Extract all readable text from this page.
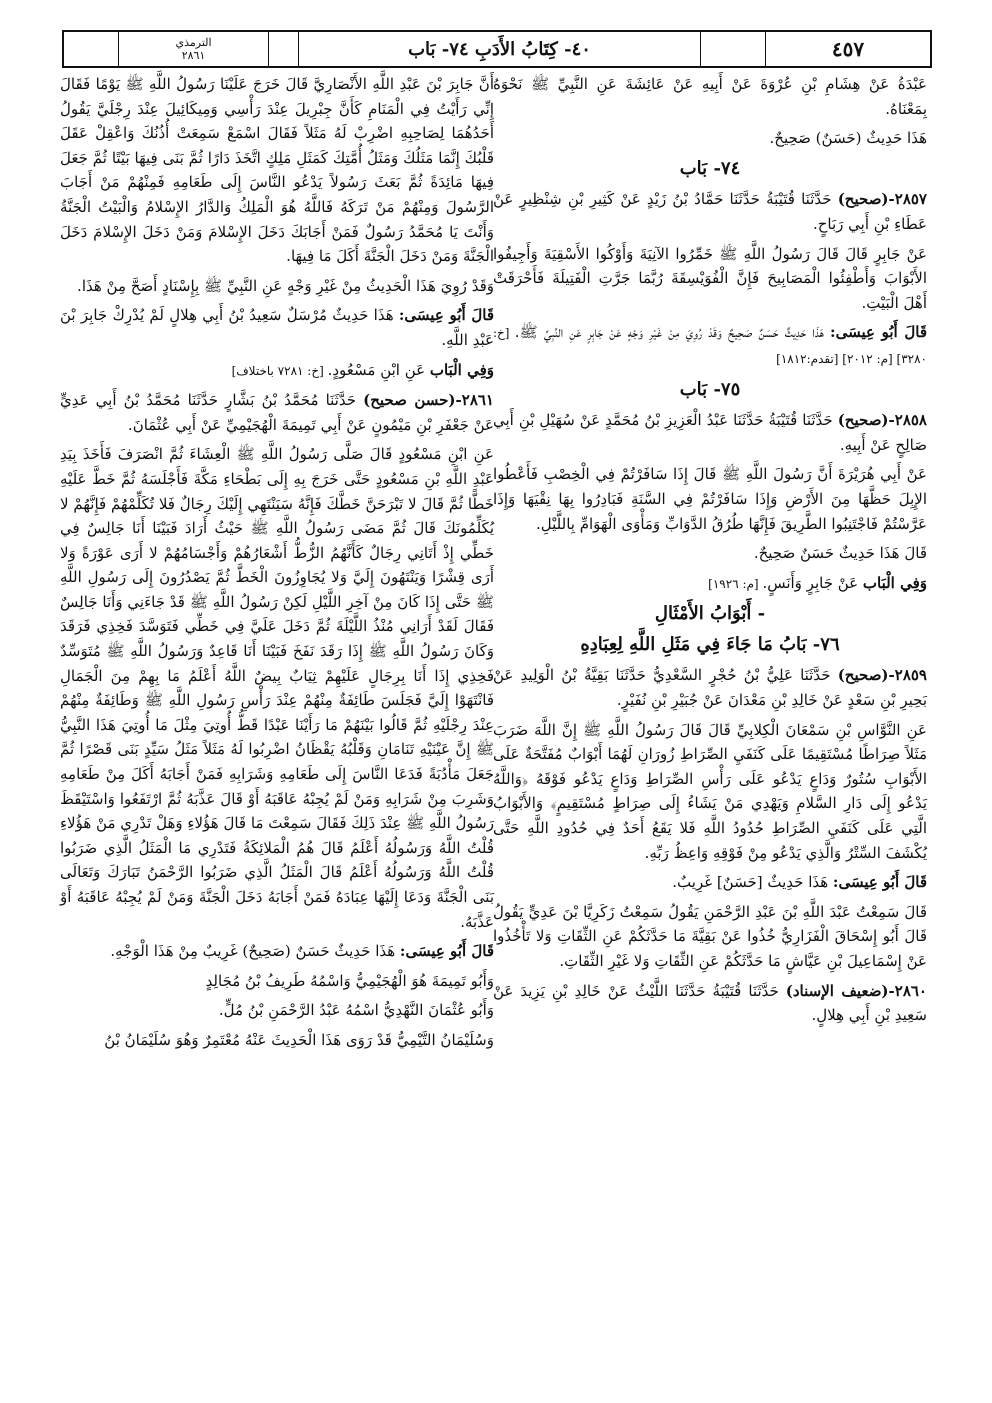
٤٥٧
٤٠- كِتَابُ الأَدَبِ ٧٤- بَاب
الترمذي
٢٨٦١

عَبْدَةُ عَنْ هِشَامِ بْنِ عُرْوَةَ عَنْ أَبِيهِ عَنْ عَائِشَةَ عَنِ النَّبِيِّ ﷺ نَحْوَهُ بِمَعْنَاهُ.

هَذَا حَدِيثٌ (حَسَنٌ) صَحِيحٌ.

٧٤- بَاب

٢٨٥٧-(صحيح) حَدَّثَنَا قُتَيْبَةُ حَدَّثَنَا حَمَّادُ بْنُ زَيْدٍ عَنْ كَثِيرِ بْنِ شِنْظِيرٍ عَنْ عَطَاءِ بْنِ أَبِي رَبَاحٍ.

عَنْ جَابِرٍ قَالَ قَالَ رَسُولُ اللَّهِ ﷺ خَمِّرُوا الآنِيَةَ وَأَوْكُوا الأَسْقِيَةَ وَأَجِيفُوا الأَبْوَابَ وَأَطْفِئُوا الْمَصَابِيحَ فَإِنَّ الْفُوَيْسِقَةَ رُبَّمَا جَرَّتِ الْفَتِيلَةَ فَأَحْرَقَتْ أَهْلَ الْبَيْتِ.

قَالَ أَبُو عِيسَى: هَذَا حَدِيثٌ حَسَنٌ صَحِيحٌ وَقَدْ رُوِيَ مِنْ غَيْرِ وَجْهٍ عَنْ جَابِرٍ عَنِ النَّبِيِّ ﷺ. [خ: ٣٢٨٠] [م: ٢٠١٢] [تقدم:١٨١٢]

٧٥- بَاب

٢٨٥٨-(صحيح) حَدَّثَنَا قُتَيْبَةُ حَدَّثَنَا عَبْدُ الْعَزِيزِ بْنُ مُحَمَّدٍ عَنْ سُهَيْلِ بْنِ أَبِي صَالِحٍ عَنْ أَبِيهِ.

عَنْ أَبِي هُرَيْرَةَ أَنَّ رَسُولَ اللَّهِ ﷺ قَالَ إِذَا سَافَرْتُمْ فِي الْخِصْبِ فَأَعْطُوا الإِبِلَ حَظَّهَا مِنَ الأَرْضِ وَإِذَا سَافَرْتُمْ فِي السَّنَةِ فَبَادِرُوا بِهَا نِقْيَهَا وَإِذَا عَرَّسْتُمْ فَاجْتَنِبُوا الطَّرِيقَ فَإِنَّهَا طُرُقُ الدَّوَابِّ وَمَأْوَى الْهَوَامِّ بِاللَّيْلِ.

قَالَ هَذَا حَدِيثٌ حَسَنٌ صَحِيحٌ.

وَفِي الْبَاب عَنْ جَابِرٍ وَأَنَسٍ. [م: ١٩٢٦]

- أَبْوَابُ الأَمْثَالِ

٧٦- بَابُ مَا جَاءَ فِي مَثَلِ اللَّهِ لِعِبَادِهِ

٢٨٥٩-(صحيح) حَدَّثَنَا عَلِيُّ بْنُ حُجْرٍ السَّعْدِيُّ حَدَّثَنَا بَقِيَّةُ بْنُ الْوَلِيدِ عَنْ بَحِيرِ بْنِ سَعْدٍ عَنْ خَالِدِ بْنِ مَعْدَانَ عَنْ جُبَيْرِ بْنِ نُفَيْرٍ.

عَنِ النَّوَّاسِ بْنِ سَمْعَانَ الْكِلابِيِّ قَالَ قَالَ رَسُولُ اللَّهِ ﷺ إِنَّ اللَّهَ ضَرَبَ مَثَلاً صِرَاطًا مُسْتَقِيمًا عَلَى كَنَفَيِ الصِّرَاطِ زُورَانِ لَهُمَا أَبْوَابٌ مُفَتَّحَةٌ عَلَى الأَبْوَابِ سُتُورٌ وَدَاعٍ يَدْعُو عَلَى رَأْسِ الصِّرَاطِ وَدَاعٍ يَدْعُو فَوْقَهُ ﴿وَاللَّهُ يَدْعُو إِلَى دَارِ السَّلامِ وَيَهْدِي مَنْ يَشَاءُ إِلَى صِرَاطٍ مُسْتَقِيمٍ﴾ وَالأَبْوَابُ الَّتِي عَلَى كَنَفَيِ الصِّرَاطِ حُدُودُ اللَّهِ فَلا يَقَعُ أَحَدٌ فِي حُدُودِ اللَّهِ حَتَّى يُكْشَفَ السِّتْرُ وَالَّذِي يَدْعُو مِنْ فَوْقِهِ وَاعِظُ رَبِّهِ.

قَالَ أَبُو عِيسَى: هَذَا حَدِيثٌ [حَسَنٌ] غَرِيبٌ.

قَالَ سَمِعْتُ عَبْدَ اللَّهِ بْنَ عَبْدِ الرَّحْمَنِ يَقُولُ سَمِعْتُ زَكَرِيَّا بْنَ عَدِيٍّ يَقُولُ قَالَ أَبُو إِسْحَاقَ الْفَزَارِيُّ خُذُوا عَنْ بَقِيَّةَ مَا حَدَّثَكُمْ عَنِ الثِّقَاتِ وَلا تَأْخُذُوا عَنْ إِسْمَاعِيلَ بْنِ عَيَّاشٍ مَا حَدَّثَكُمْ عَنِ الثِّقَاتِ وَلا غَيْرِ الثِّقَاتِ.

٢٨٦٠-(ضعيف الإسناد) حَدَّثَنَا قُتَيْبَةُ حَدَّثَنَا اللَّيْثُ عَنْ خَالِدِ بْنِ يَزِيدَ عَنْ سَعِيدِ بْنِ أَبِي هِلالٍ.

أَنَّ جَابِرَ بْنَ عَبْدِ اللَّهِ الأَنْصَارِيَّ قَالَ خَرَجَ عَلَيْنَا رَسُولُ اللَّهِ ﷺ يَوْمًا فَقَالَ إِنِّي رَأَيْتُ فِي الْمَنَامِ كَأَنَّ جِبْرِيلَ عِنْدَ رَأْسِي وَمِيكَائِيلَ عِنْدَ رِجْلَيَّ يَقُولُ أَحَدُهُمَا لِصَاحِبِهِ اضْرِبْ لَهُ مَثَلاً فَقَالَ اسْمَعْ سَمِعَتْ أُذُنُكَ وَاعْقِلْ عَقَلَ قَلْبُكَ إِنَّمَا مَثَلُكَ وَمَثَلُ أُمَّتِكَ كَمَثَلِ مَلِكٍ اتَّخَذَ دَارًا ثُمَّ بَنَى فِيهَا بَيْتًا ثُمَّ جَعَلَ فِيهَا مَائِدَةً ثُمَّ بَعَثَ رَسُولاً يَدْعُو النَّاسَ إِلَى طَعَامِهِ فَمِنْهُمْ مَنْ أَجَابَ الرَّسُولَ وَمِنْهُمْ مَنْ تَرَكَهُ فَاللَّهُ هُوَ الْمَلِكُ وَالدَّارُ الإِسْلامُ وَالْبَيْتُ الْجَنَّةُ وَأَنْتَ يَا مُحَمَّدُ رَسُولٌ فَمَنْ أَجَابَكَ دَخَلَ الإِسْلامَ وَمَنْ دَخَلَ الإِسْلامَ دَخَلَ الْجَنَّةَ وَمَنْ دَخَلَ الْجَنَّةَ أَكَلَ مَا فِيهَا.

وَقَدْ رُوِيَ هَذَا الْحَدِيثُ مِنْ غَيْرِ وَجْهٍ عَنِ النَّبِيِّ ﷺ بِإِسْنَادٍ أَصَحَّ مِنْ هَذَا.

قَالَ أَبُو عِيسَى: هَذَا حَدِيثٌ مُرْسَلٌ سَعِيدُ بْنُ أَبِي هِلالٍ لَمْ يُدْرِكْ جَابِرَ بْنَ عَبْدِ اللَّهِ.

وَفِي الْبَاب عَنِ ابْنِ مَسْعُودٍ. [خ: ٧٢٨١ باختلاف]

٢٨٦١-(حسن صحيح) حَدَّثَنَا مُحَمَّدُ بْنُ بَشَّارٍ حَدَّثَنَا مُحَمَّدُ بْنُ أَبِي عَدِيٍّ عَنْ جَعْفَرِ بْنِ مَيْمُونٍ عَنْ أَبِي تَمِيمَةَ الْهُجَيْمِيِّ عَنْ أَبِي عُثْمَانَ.

عَنِ ابْنِ مَسْعُودٍ قَالَ صَلَّى رَسُولُ اللَّهِ ﷺ الْعِشَاءَ ثُمَّ انْصَرَفَ فَأَخَذَ بِيَدِ عَبْدِ اللَّهِ بْنِ مَسْعُودٍ حَتَّى خَرَجَ بِهِ إِلَى بَطْحَاءِ مَكَّةَ فَأَجْلَسَهُ ثُمَّ خَطَّ عَلَيْهِ خَطًّا ثُمَّ قَالَ لا تَبْرَحَنَّ خَطَّكَ فَإِنَّهُ سَيَنْتَهِي إِلَيْكَ رِجَالٌ فَلا تُكَلِّمْهُمْ فَإِنَّهُمْ لا يُكَلِّمُونَكَ قَالَ ثُمَّ مَضَى رَسُولُ اللَّهِ ﷺ حَيْثُ أَرَادَ فَبَيْنَا أَنَا جَالِسٌ فِي خَطِّي إِذْ أَتَانِي رِجَالٌ كَأَنَّهُمُ الزُّطُّ أَشْعَارُهُمْ وَأَجْسَامُهُمْ لا أَرَى عَوْرَةً وَلا أَرَى قِشْرًا وَيَنْتَهُونَ إِلَيَّ وَلا يُجَاوِزُونَ الْخَطَّ ثُمَّ يَصْدُرُونَ إِلَى رَسُولِ اللَّهِ ﷺ حَتَّى إِذَا كَانَ مِنْ آخِرِ اللَّيْلِ لَكِنْ رَسُولُ اللَّهِ ﷺ قَدْ جَاءَنِي وَأَنَا جَالِسٌ فَقَالَ لَقَدْ أَرَانِي مُنْذُ اللَّيْلَةَ ثُمَّ دَخَلَ عَلَيَّ فِي خَطِّي فَتَوَسَّدَ فَخِذِي فَرَقَدَ وَكَانَ رَسُولُ اللَّهِ ﷺ إِذَا رَقَدَ نَفَخَ فَبَيْنَا أَنَا قَاعِدٌ وَرَسُولُ اللَّهِ ﷺ مُتَوَسِّدٌ فَخِذِي إِذَا أَنَا بِرِجَالٍ عَلَيْهِمْ ثِيَابٌ بِيضٌ اللَّهُ أَعْلَمُ مَا بِهِمْ مِنَ الْجَمَالِ فَانْتَهَوْا إِلَيَّ فَجَلَسَ طَائِفَةٌ مِنْهُمْ عِنْدَ رَأْسِ رَسُولِ اللَّهِ ﷺ وَطَائِفَةٌ مِنْهُمْ عِنْدَ رِجْلَيْهِ ثُمَّ قَالُوا بَيْنَهُمْ مَا رَأَيْنَا عَبْدًا قَطُّ أُوتِيَ مِثْلَ مَا أُوتِيَ هَذَا النَّبِيُّ ﷺ إِنَّ عَيْنَيْهِ تَنَامَانِ وَقَلْبُهُ يَقْظَانُ اضْرِبُوا لَهُ مَثَلاً مَثَلُ سَيِّدٍ بَنَى قَصْرًا ثُمَّ جَعَلَ مَأْدُبَةً فَدَعَا النَّاسَ إِلَى طَعَامِهِ وَشَرَابِهِ فَمَنْ أَجَابَهُ أَكَلَ مِنْ طَعَامِهِ وَشَرِبَ مِنْ شَرَابِهِ وَمَنْ لَمْ يُجِبْهُ عَاقَبَهُ أَوْ قَالَ عَذَّبَهُ ثُمَّ ارْتَفَعُوا وَاسْتَيْقَظَ رَسُولُ اللَّهِ ﷺ عِنْدَ ذَلِكَ فَقَالَ سَمِعْتَ مَا قَالَ هَؤُلاءِ وَهَلْ تَدْرِي مَنْ هَؤُلاءِ قُلْتُ اللَّهُ وَرَسُولُهُ أَعْلَمُ قَالَ هُمُ الْمَلائِكَةُ فَتَدْرِي مَا الْمَثَلُ الَّذِي ضَرَبُوا قُلْتُ اللَّهُ وَرَسُولُهُ أَعْلَمُ قَالَ الْمَثَلُ الَّذِي ضَرَبُوا الرَّحْمَنُ تَبَارَكَ وَتَعَالَى بَنَى الْجَنَّةَ وَدَعَا إِلَيْهَا عِبَادَهُ فَمَنْ أَجَابَهُ دَخَلَ الْجَنَّةَ وَمَنْ لَمْ يُجِبْهُ عَاقَبَهُ أَوْ عَذَّبَهُ.

قَالَ أَبُو عِيسَى: هَذَا حَدِيثٌ حَسَنٌ (صَحِيحٌ) غَرِيبٌ مِنْ هَذَا الْوَجْهِ.

وَأَبُو تَمِيمَةَ هُوَ الْهُجَيْمِيُّ وَاسْمُهُ طَرِيفُ بْنُ مُجَالِدٍ

وَأَبُو عُثْمَانَ النَّهْدِيُّ اسْمُهُ عَبْدُ الرَّحْمَنِ بْنُ مُلٍّ.

وَسُلَيْمَانُ التَّيْمِيُّ قَدْ رَوَى هَذَا الْحَدِيثَ عَنْهُ مُعْتَمِرٌ وَهُوَ سُلَيْمَانُ بْنُ
